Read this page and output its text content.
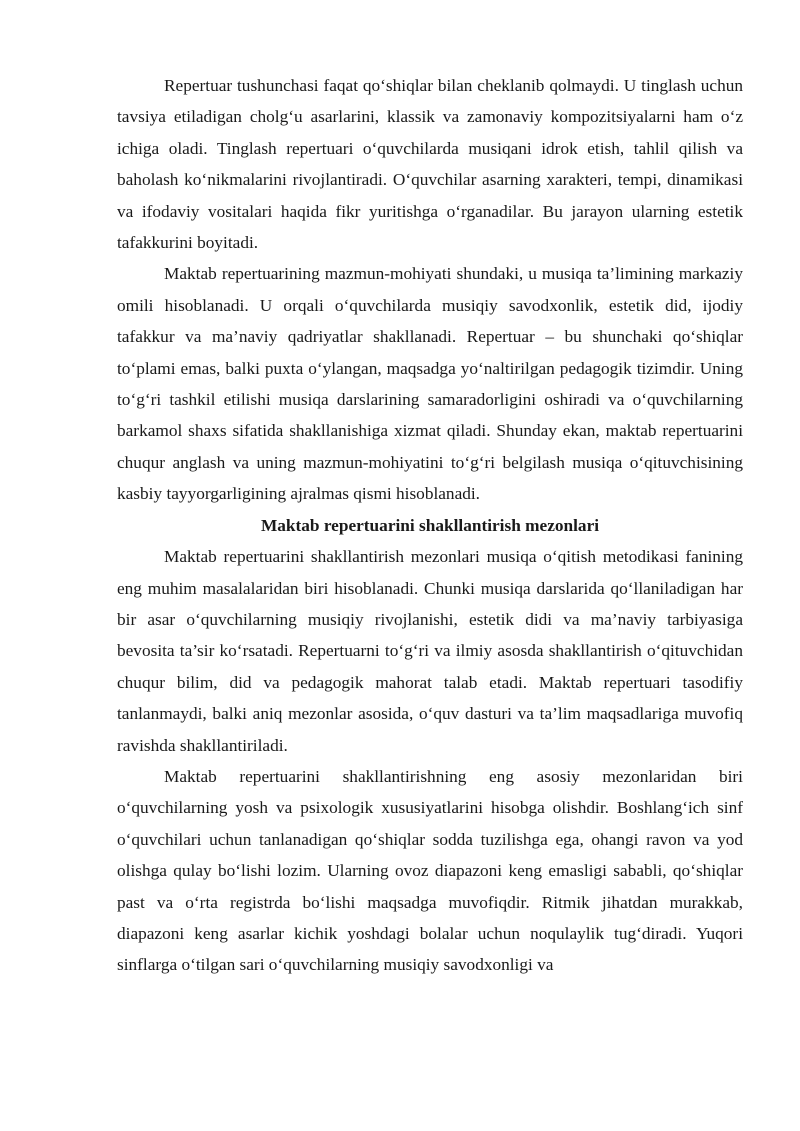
Repertuar tushunchasi faqat qo‘shiqlar bilan cheklanib qolmaydi. U tinglash uchun tavsiya etiladigan cholg‘u asarlarini, klassik va zamonaviy kompozitsiyalarni ham o‘z ichiga oladi. Tinglash repertuari o‘quvchilarda musiqani idrok etish, tahlil qilish va baholash ko‘nikmalarini rivojlantiradi. O‘quvchilar asarning xarakteri, tempi, dinamikasi va ifodaviy vositalari haqida fikr yuritishga o‘rganadilar. Bu jarayon ularning estetik tafakkurini boyitadi.

Maktab repertuarining mazmun-mohiyati shundaki, u musiqa ta’limining markaziy omili hisoblanadi. U orqali o‘quvchilarda musiqiy savodxonlik, estetik did, ijodiy tafakkur va ma’naviy qadriyatlar shakllanadi. Repertuar – bu shunchaki qo‘shiqlar to‘plami emas, balki puxta o‘ylangan, maqsadga yo‘naltirilgan pedagogik tizimdir. Uning to‘g‘ri tashkil etilishi musiqa darslarining samaradorligini oshiradi va o‘quvchilarning barkamol shaxs sifatida shakllanishiga xizmat qiladi. Shunday ekan, maktab repertuarini chuqur anglash va uning mazmun-mohiyatini to‘g‘ri belgilash musiqa o‘qituvchisining kasbiy tayyorgarligining ajralmas qismi hisoblanadi.

Maktab repertuarini shakllantirish mezonlari

Maktab repertuarini shakllantirish mezonlari musiqa o‘qitish metodikasi fanining eng muhim masalalaridan biri hisoblanadi. Chunki musiqa darslarida qo‘llaniladigan har bir asar o‘quvchilarning musiqiy rivojlanishi, estetik didi va ma’naviy tarbiyasiga bevosita ta’sir ko‘rsatadi. Repertuarni to‘g‘ri va ilmiy asosda shakllantirish o‘qituvchidan chuqur bilim, did va pedagogik mahorat talab etadi. Maktab repertuari tasodifiy tanlanmaydi, balki aniq mezonlar asosida, o‘quv dasturi va ta’lim maqsadlariga muvofiq ravishda shakllantiriladi.

Maktab repertuarini shakllantirishning eng asosiy mezonlaridan biri o‘quvchilarning yosh va psixologik xususiyatlarini hisobga olishdir. Boshlang‘ich sinf o‘quvchilari uchun tanlanadigan qo‘shiqlar sodda tuzilishga ega, ohangi ravon va yod olishga qulay bo‘lishi lozim. Ularning ovoz diapazoni keng emasligi sababli, qo‘shiqlar past va o‘rta registrda bo‘lishi maqsadga muvofiqdir. Ritmik jihatdan murakkab, diapazoni keng asarlar kichik yoshdagi bolalar uchun noqulaylik tug‘diradi. Yuqori sinflarga o‘tilgan sari o‘quvchilarning musiqiy savodxonligi va
